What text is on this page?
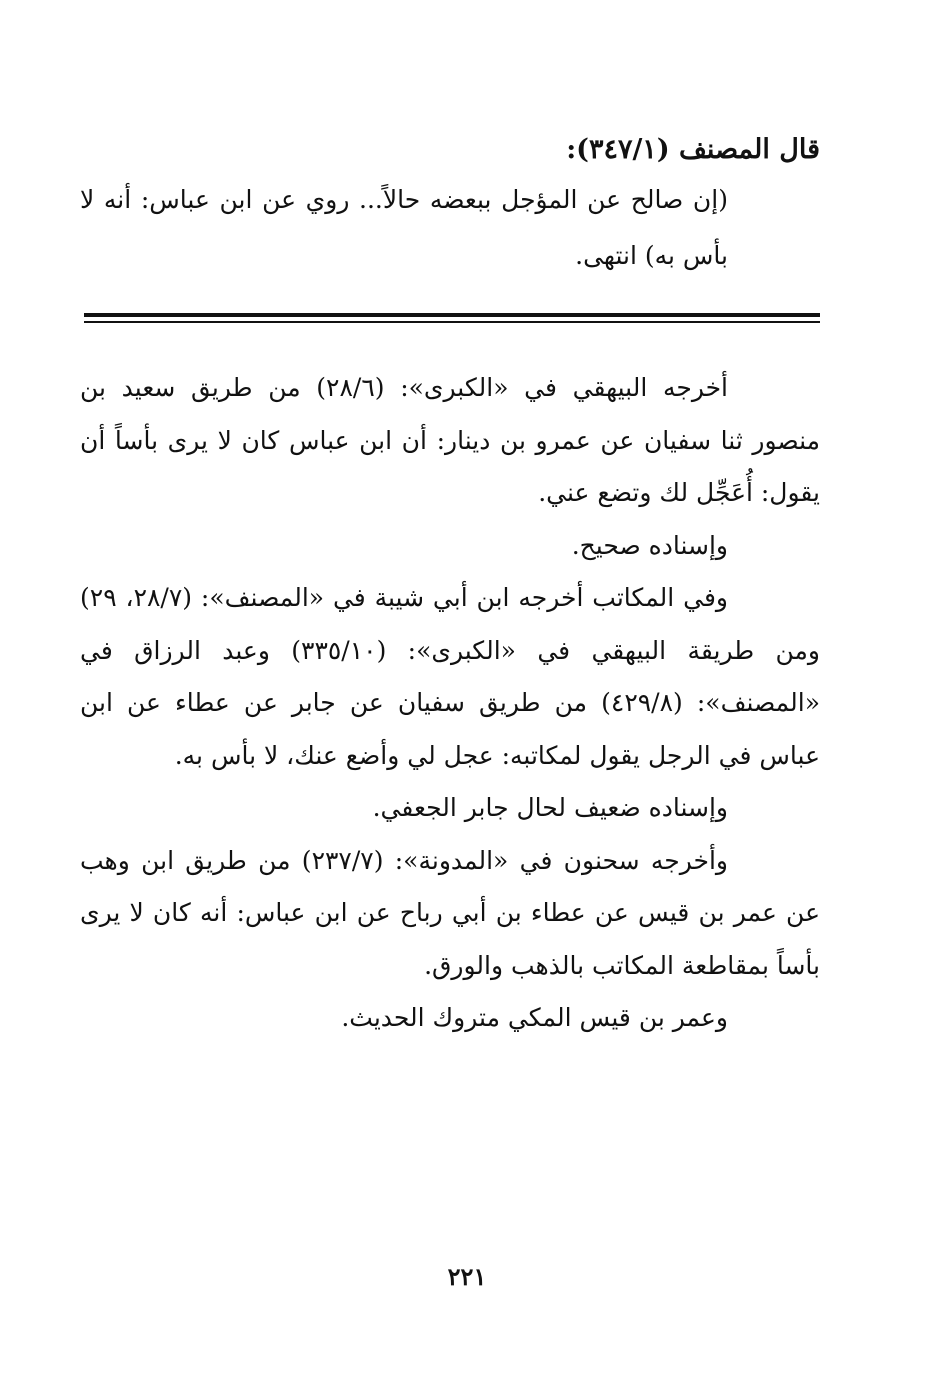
قال المصنف (٣٤٧/١):

(إن صالح عن المؤجل ببعضه حالاً... روي عن ابن عباس: أنه لا بأس به) انتهى.

أخرجه البيهقي في «الكبرى»: (٢٨/٦) من طريق سعيد بن منصور ثنا سفيان عن عمرو بن دينار: أن ابن عباس كان لا يرى بأساً أن يقول: أُعَجِّل لك وتضع عني.

وإسناده صحيح.

وفي المكاتب أخرجه ابن أبي شيبة في «المصنف»: (٢٨/٧، ٢٩) ومن طريقة البيهقي في «الكبرى»: (٣٣٥/١٠) وعبد الرزاق في «المصنف»: (٤٢٩/٨) من طريق سفيان عن جابر عن عطاء عن ابن عباس في الرجل يقول لمكاتبه: عجل لي وأضع عنك، لا بأس به.

وإسناده ضعيف لحال جابر الجعفي.

وأخرجه سحنون في «المدونة»: (٢٣٧/٧) من طريق ابن وهب عن عمر بن قيس عن عطاء بن أبي رباح عن ابن عباس: أنه كان لا يرى بأساً بمقاطعة المكاتب بالذهب والورق.

وعمر بن قيس المكي متروك الحديث.

٢٢١
